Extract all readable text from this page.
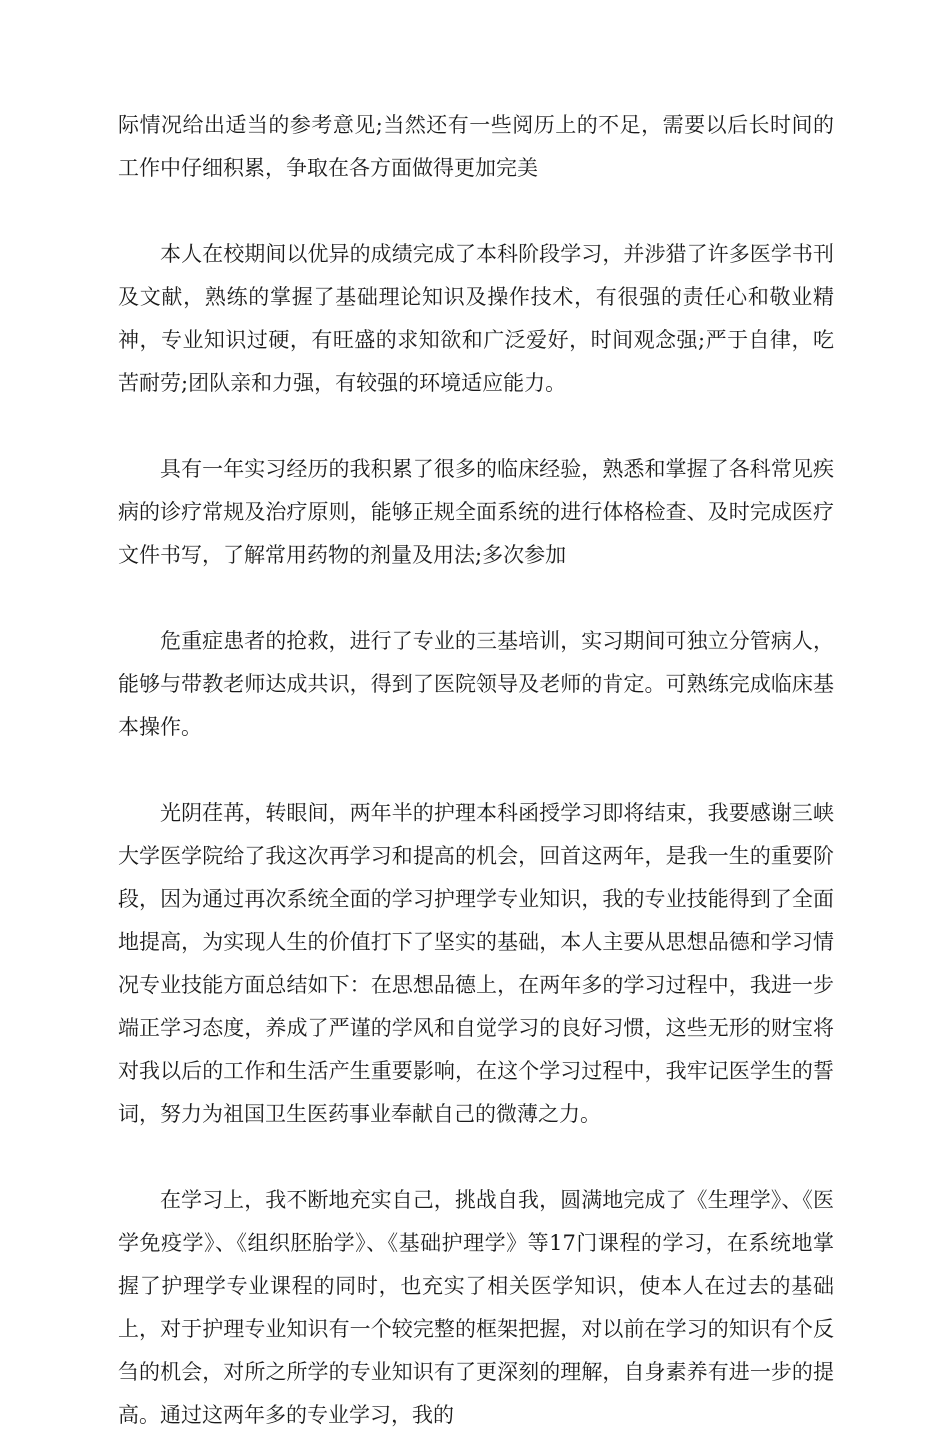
际情况给出适当的参考意见;当然还有一些阅历上的不足，需要以后长时间的工作中仔细积累，争取在各方面做得更加完美

本人在校期间以优异的成绩完成了本科阶段学习，并涉猎了许多医学书刊及文献，熟练的掌握了基础理论知识及操作技术，有很强的责任心和敬业精神，专业知识过硬，有旺盛的求知欲和广泛爱好，时间观念强;严于自律，吃苦耐劳;团队亲和力强，有较强的环境适应能力。

具有一年实习经历的我积累了很多的临床经验，熟悉和掌握了各科常见疾病的诊疗常规及治疗原则，能够正规全面系统的进行体格检查、及时完成医疗文件书写，了解常用药物的剂量及用法;多次参加

危重症患者的抢救，进行了专业的三基培训，实习期间可独立分管病人，能够与带教老师达成共识，得到了医院领导及老师的肯定。可熟练完成临床基本操作。

光阴荏苒，转眼间，两年半的护理本科函授学习即将结束，我要感谢三峡大学医学院给了我这次再学习和提高的机会，回首这两年，是我一生的重要阶段，因为通过再次系统全面的学习护理学专业知识，我的专业技能得到了全面地提高，为实现人生的价值打下了坚实的基础，本人主要从思想品德和学习情况专业技能方面总结如下：在思想品德上，在两年多的学习过程中，我进一步端正学习态度，养成了严谨的学风和自觉学习的良好习惯，这些无形的财宝将对我以后的工作和生活产生重要影响，在这个学习过程中，我牢记医学生的誓词，努力为祖国卫生医药事业奉献自己的微薄之力。

在学习上，我不断地充实自己，挑战自我，圆满地完成了《生理学》、《医学免疫学》、《组织胚胎学》、《基础护理学》等17门课程的学习，在系统地掌握了护理学专业课程的同时，也充实了相关医学知识，使本人在过去的基础上，对于护理专业知识有一个较完整的框架把握，对以前在学习的知识有个反刍的机会，对所之所学的专业知识有了更深刻的理解，自身素养有进一步的提高。通过这两年多的专业学习，我的
